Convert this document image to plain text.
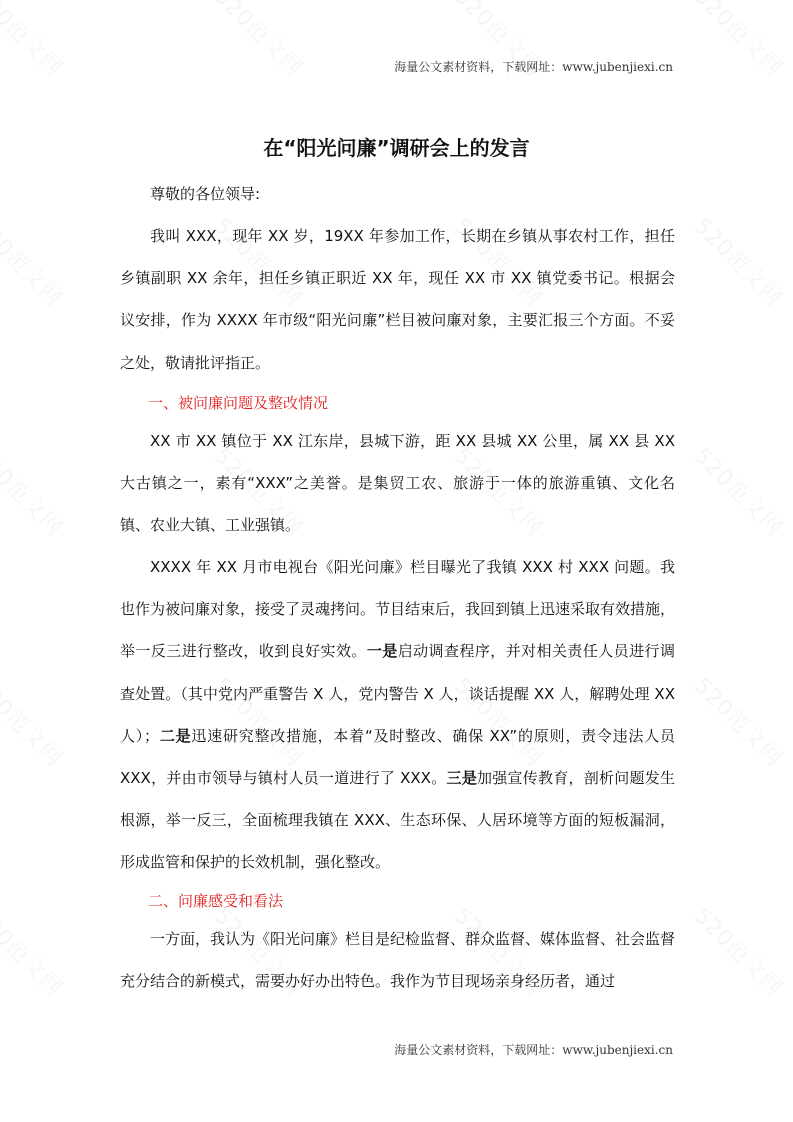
海量公文素材资料，下载网址：www.jubenjiexi.cn
在“阳光问廉”调研会上的发言

尊敬的各位领导:

我叫 XXX，现年 XX 岁，19XX 年参加工作，长期在乡镇从事农村工作，担任乡镇副职 XX 余年，担任乡镇正职近 XX 年，现任 XX 市 XX 镇党委书记。根据会议安排，作为 XXXX 年市级“阳光问廉”栏目被问廉对象，主要汇报三个方面。不妥之处，敬请批评指正。

一、被问廉问题及整改情况

XX 市 XX 镇位于 XX 江东岸，县城下游，距 XX 县城 XX 公里，属 XX 县 XX 大古镇之一，素有“XXX”之美誉。是集贸工农、旅游于一体的旅游重镇、文化名镇、农业大镇、工业强镇。

XXXX 年 XX 月市电视台《阳光问廉》栏目曝光了我镇 XXX 村 XXX 问题。我也作为被问廉对象，接受了灵魂拷问。节目结束后，我回到镇上迅速采取有效措施，举一反三进行整改，收到良好实效。一是启动调查程序，并对相关责任人员进行调查处置。（其中党内严重警告 X 人，党内警告 X 人，谈话提醒 XX 人，解聘处理 XX 人）；二是迅速研究整改措施，本着“及时整改、确保 XX”的原则，责令违法人员 XXX，并由市领导与镇村人员一道进行了 XXX。三是加强宣传教育，剖析问题发生根源，举一反三，全面梳理我镇在 XXX、生态环保、人居环境等方面的短板漏洞，形成监管和保护的长效机制，强化整改。

二、问廉感受和看法

一方面，我认为《阳光问廉》栏目是纪检监督、群众监督、媒体监督、社会监督充分结合的新模式，需要办好办出特色。我作为节目现场亲身经历者，通过

海量公文素材资料，下载网址：www.jubenjiexi.cn
